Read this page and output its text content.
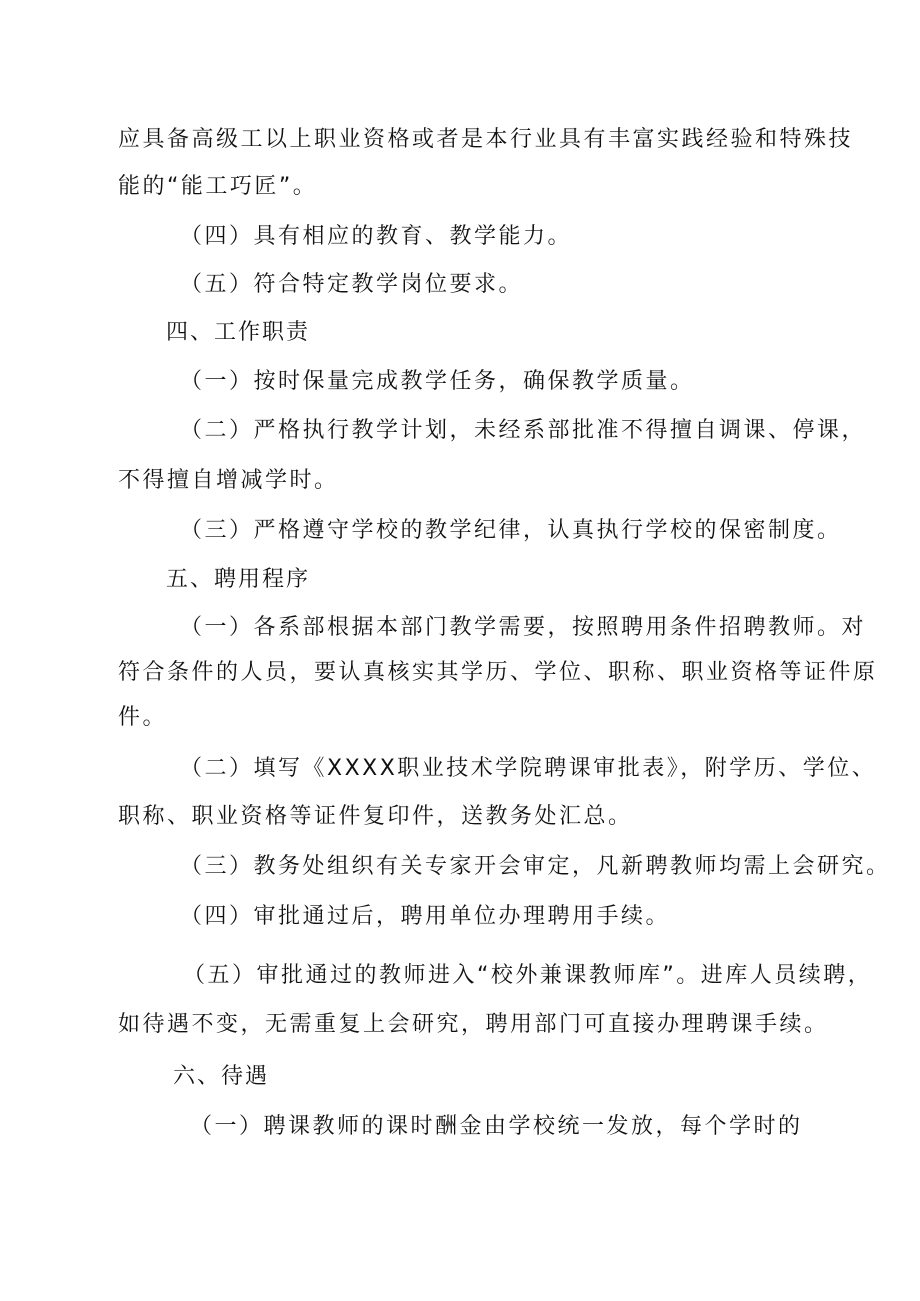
应具备高级工以上职业资格或者是本行业具有丰富实践经验和特殊技
能的“能工巧匠”。
（四）具有相应的教育、教学能力。
（五）符合特定教学岗位要求。
四、工作职责
（一）按时保量完成教学任务，确保教学质量。
（二）严格执行教学计划，未经系部批准不得擅自调课、停课，
不得擅自增减学时。
（三）严格遵守学校的教学纪律，认真执行学校的保密制度。
五、聘用程序
（一）各系部根据本部门教学需要，按照聘用条件招聘教师。对
符合条件的人员，要认真核实其学历、学位、职称、职业资格等证件原
件。
（二）填写《XXXX职业技术学院聘课审批表》，附学历、学位、
职称、职业资格等证件复印件，送教务处汇总。
（三）教务处组织有关专家开会审定，凡新聘教师均需上会研究。
（四）审批通过后，聘用单位办理聘用手续。
（五）审批通过的教师进入“校外兼课教师库”。进库人员续聘，
如待遇不变，无需重复上会研究，聘用部门可直接办理聘课手续。
六、待遇
（一）聘课教师的课时酬金由学校统一发放，每个学时的
